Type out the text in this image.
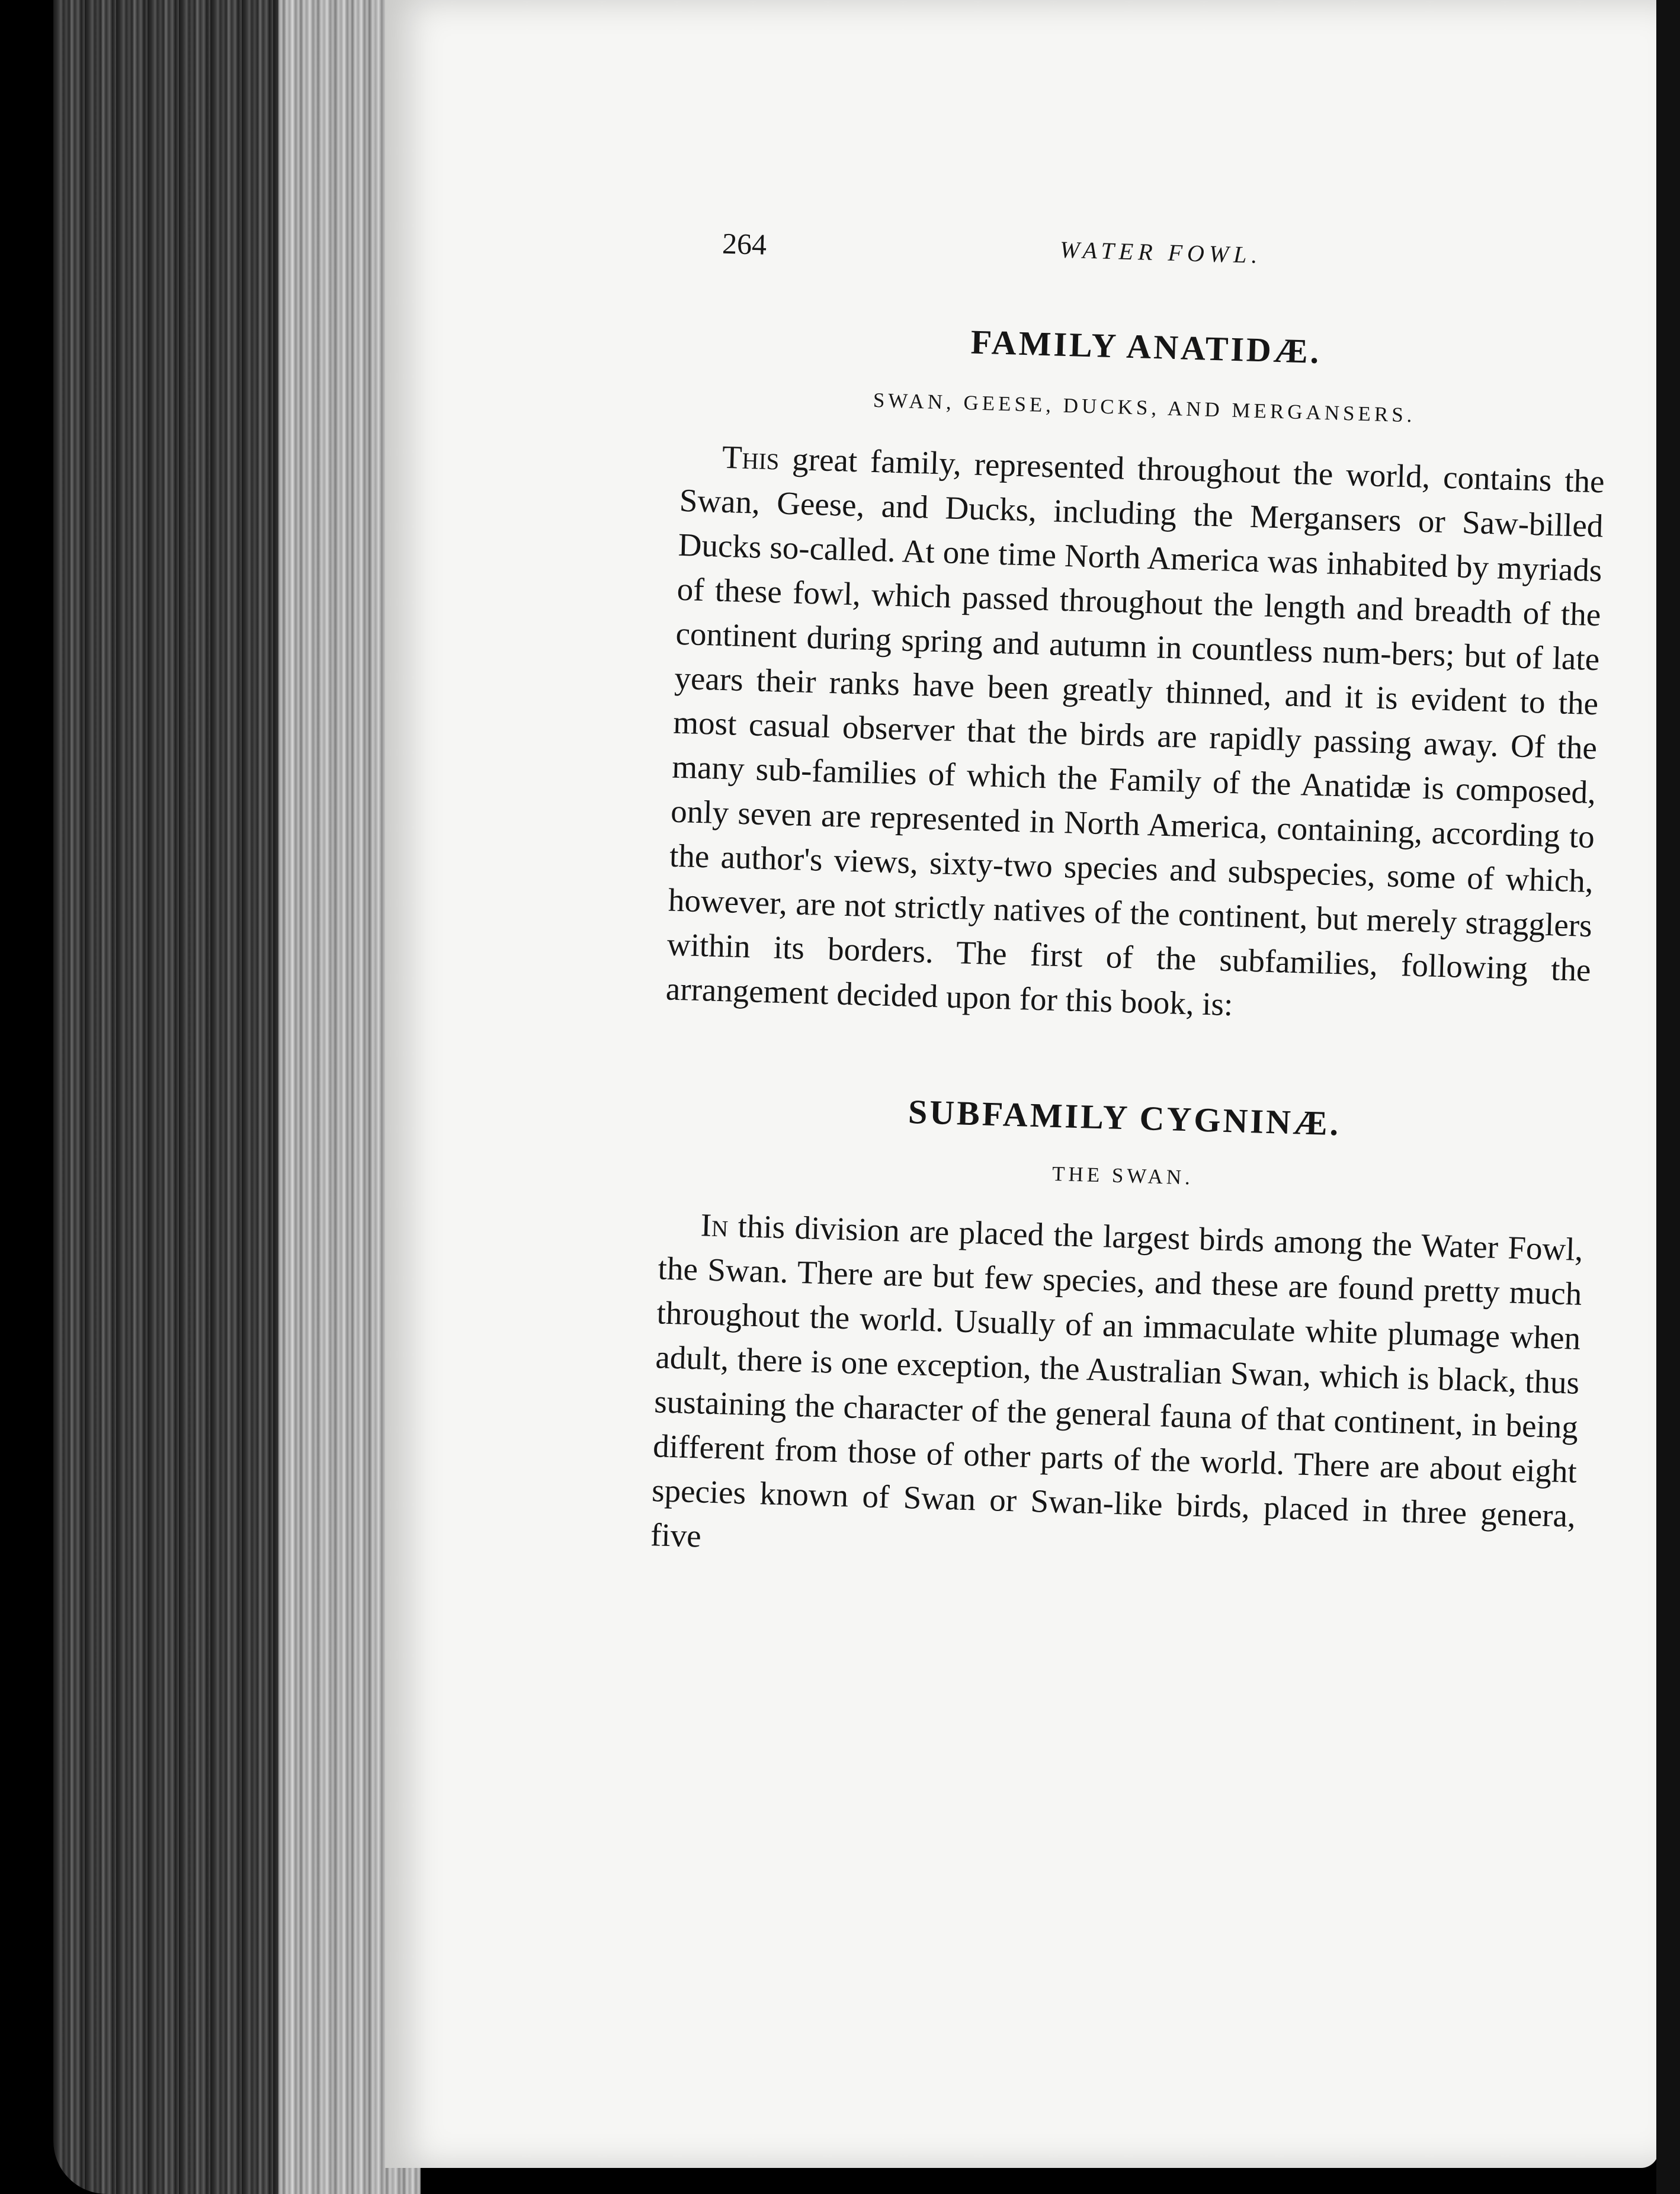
264	WATER FOWL.
FAMILY ANATIDÆ.

SWAN, GEESE, DUCKS, AND MERGANSERS.

This great family, represented throughout the world, contains the Swan, Geese, and Ducks, including the Mergansers or Saw-billed Ducks so-called. At one time North America was inhabited by myriads of these fowl, which passed throughout the length and breadth of the continent during spring and autumn in countless num-bers; but of late years their ranks have been greatly thinned, and it is evident to the most casual observer that the birds are rapidly passing away. Of the many sub-families of which the Family of the Anatidæ is composed, only seven are represented in North America, containing, according to the author's views, sixty-two species and subspecies, some of which, however, are not strictly natives of the continent, but merely stragglers within its borders. The first of the subfamilies, following the arrangement decided upon for this book, is:

SUBFAMILY CYGNINÆ.

THE SWAN.

In this division are placed the largest birds among the Water Fowl, the Swan. There are but few species, and these are found pretty much throughout the world. Usually of an immaculate white plumage when adult, there is one exception, the Australian Swan, which is black, thus sustaining the character of the general fauna of that continent, in being different from those of other parts of the world. There are about eight species known of Swan or Swan-like birds, placed in three genera, five
